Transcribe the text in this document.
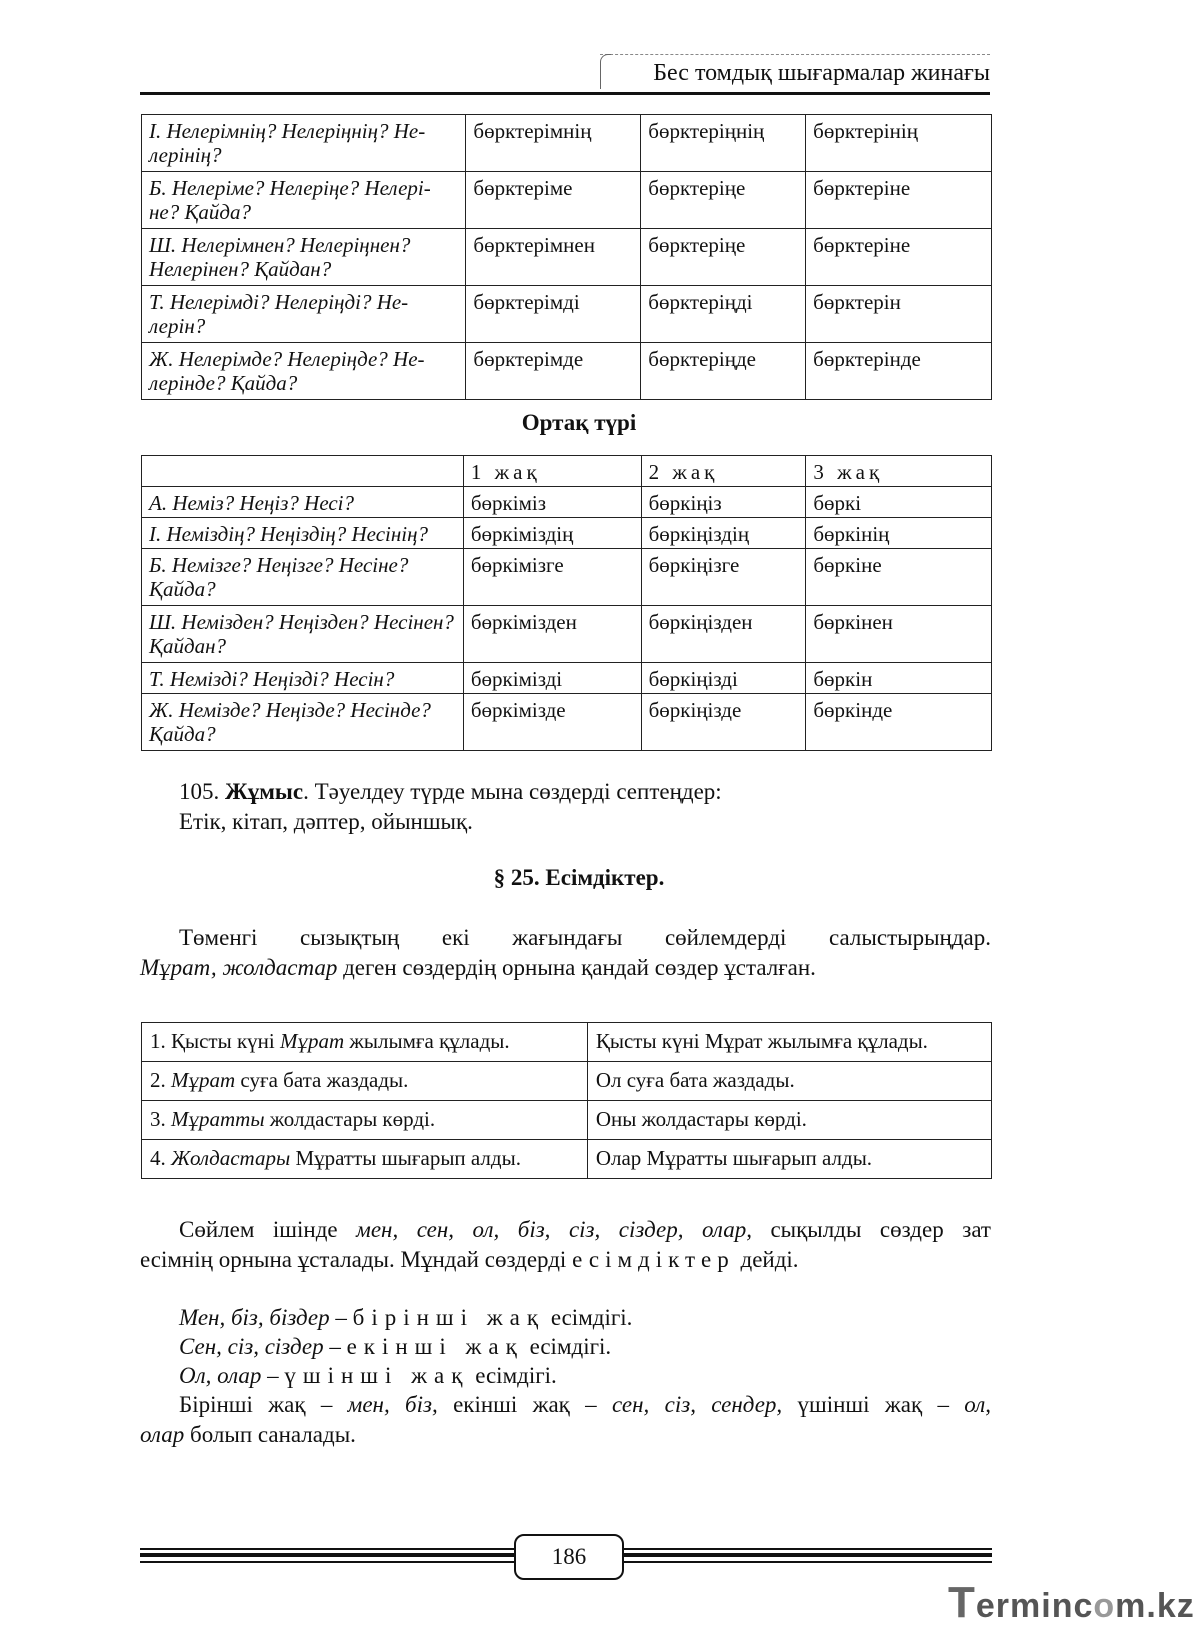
Бес томдық шығармалар жинағы
І. Нелерімнің? Нелеріңнің? Не-лерінің?	бөрктерімнің	бөрктеріңнің	бөрктерінің
Б. Нелеріме? Нелеріңе? Нелері-не? Қайда?	бөрктеріме	бөрктеріңе	бөрктеріне
Ш. Нелерімнен? Нелеріңнен? Нелерінен? Қайдан?	бөрктерімнен	бөрктеріңе	бөрктеріне
Т. Нелерімді? Нелеріңді? Не-лерін?	бөрктерімді	бөрктеріңді	бөрктерін
Ж. Нелерімде? Нелеріңде? Не-лерінде? Қайда?	бөрктерімде	бөрктеріңде	бөрктерінде
Ортақ түрі
	1 жақ	2 жақ	3 жақ
А. Неміз? Неңіз? Несі?	бөркіміз	бөркіңіз	бөркі
І. Неміздің? Неңіздің? Несінің?	бөркіміздің	бөркіңіздің	бөркінің
Б. Немізге? Неңізге? Несіне? Қайда?	бөркімізге	бөркіңізге	бөркіне
Ш. Немізден? Неңізден? Несінен? Қайдан?	бөркімізден	бөркіңізден	бөркінен
Т. Немізді? Неңізді? Несін?	бөркімізді	бөркіңізді	бөркін
Ж. Немізде? Неңізде? Несінде? Қайда?	бөркімізде	бөркіңізде	бөркінде
105. Жұмыс. Тәуелдеу түрде мына сөздерді септеңдер:
Етік, кітап, дәптер, ойыншық.
§ 25. Есімдіктер.
Төменгі сызықтың екі жағындағы сөйлемдерді салыстырыңдар.
Мұрат, жолдастар деген сөздердің орнына қандай сөздер ұсталған.
1. Қысты күні Мұрат жылымға құлады.	Қысты күні Мұрат жылымға құлады.
2. Мұрат суға бата жаздады.	Ол суға бата жаздады.
3. Мұратты жолдастары көрді.	Оны жолдастары көрді.
4. Жолдастары Мұратты шығарып алды.	Олар Мұратты шығарып алды.
Сөйлем ішінде мен, сен, ол, біз, сіз, сіздер, олар, сықылды сөздер зат
есімнің орнына ұсталады. Мұндай сөздерді есімдіктер дейді.
Мен, біз, біздер – бірінші жақ есімдігі.
Сен, сіз, сіздер – екінші жақ есімдігі.
Ол, олар – үшінші жақ есімдігі.
Бірінші жақ – мен, біз, екінші жақ – сен, сіз, сендер, үшінші жақ – ол,
олар болып саналады.
186
Termincоm.kz
